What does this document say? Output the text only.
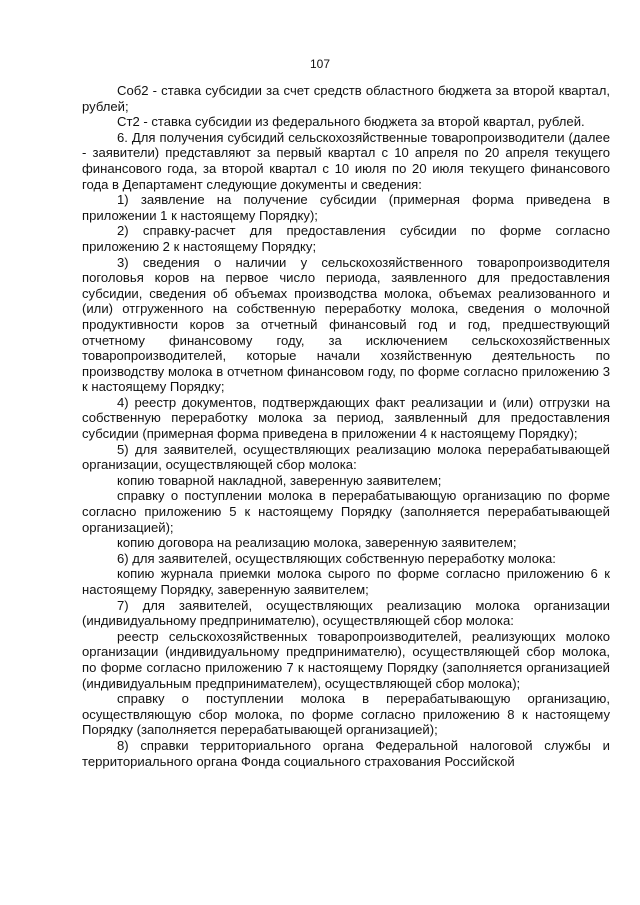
107

Соб2 - ставка субсидии за счет средств областного бюджета за второй квартал, рублей;

Ст2 - ставка субсидии из федерального бюджета за второй квартал, рублей.

6. Для получения субсидий сельскохозяйственные товаропроизводители (далее - заявители) представляют за первый квартал с 10 апреля по 20 апреля текущего финансового года, за второй квартал с 10 июля по 20 июля текущего финансового года в Департамент следующие документы и сведения:

1) заявление на получение субсидии (примерная форма приведена в приложении 1 к настоящему Порядку);

2) справку-расчет для предоставления субсидии по форме согласно приложению 2 к настоящему Порядку;

3) сведения о наличии у сельскохозяйственного товаропроизводителя поголовья коров на первое число периода, заявленного для предоставления субсидии, сведения об объемах производства молока, объемах реализованного и (или) отгруженного на собственную переработку молока, сведения о молочной продуктивности коров за отчетный финансовый год и год, предшествующий отчетному финансовому году, за исключением сельскохозяйственных товаропроизводителей, которые начали хозяйственную деятельность по производству молока в отчетном финансовом году, по форме согласно приложению 3 к настоящему Порядку;

4) реестр документов, подтверждающих факт реализации и (или) отгрузки на собственную переработку молока за период, заявленный для предоставления субсидии (примерная форма приведена в приложении 4 к настоящему Порядку);

5) для заявителей, осуществляющих реализацию молока перерабатывающей организации, осуществляющей сбор молока:

копию товарной накладной, заверенную заявителем;

справку о поступлении молока в перерабатывающую организацию по форме согласно приложению 5 к настоящему Порядку (заполняется перерабатывающей организацией);

копию договора на реализацию молока, заверенную заявителем;

6) для заявителей, осуществляющих собственную переработку молока:

копию журнала приемки молока сырого по форме согласно приложению 6 к настоящему Порядку, заверенную заявителем;

7) для заявителей, осуществляющих реализацию молока организации (индивидуальному предпринимателю), осуществляющей сбор молока:

реестр сельскохозяйственных товаропроизводителей, реализующих молоко организации (индивидуальному предпринимателю), осуществляющей сбор молока, по форме согласно приложению 7 к настоящему Порядку (заполняется организацией (индивидуальным предпринимателем), осуществляющей сбор молока);

справку о поступлении молока в перерабатывающую организацию, осуществляющую сбор молока, по форме согласно приложению 8 к настоящему Порядку (заполняется перерабатывающей организацией);

8) справки территориального органа Федеральной налоговой службы и территориального органа Фонда социального страхования Российской
